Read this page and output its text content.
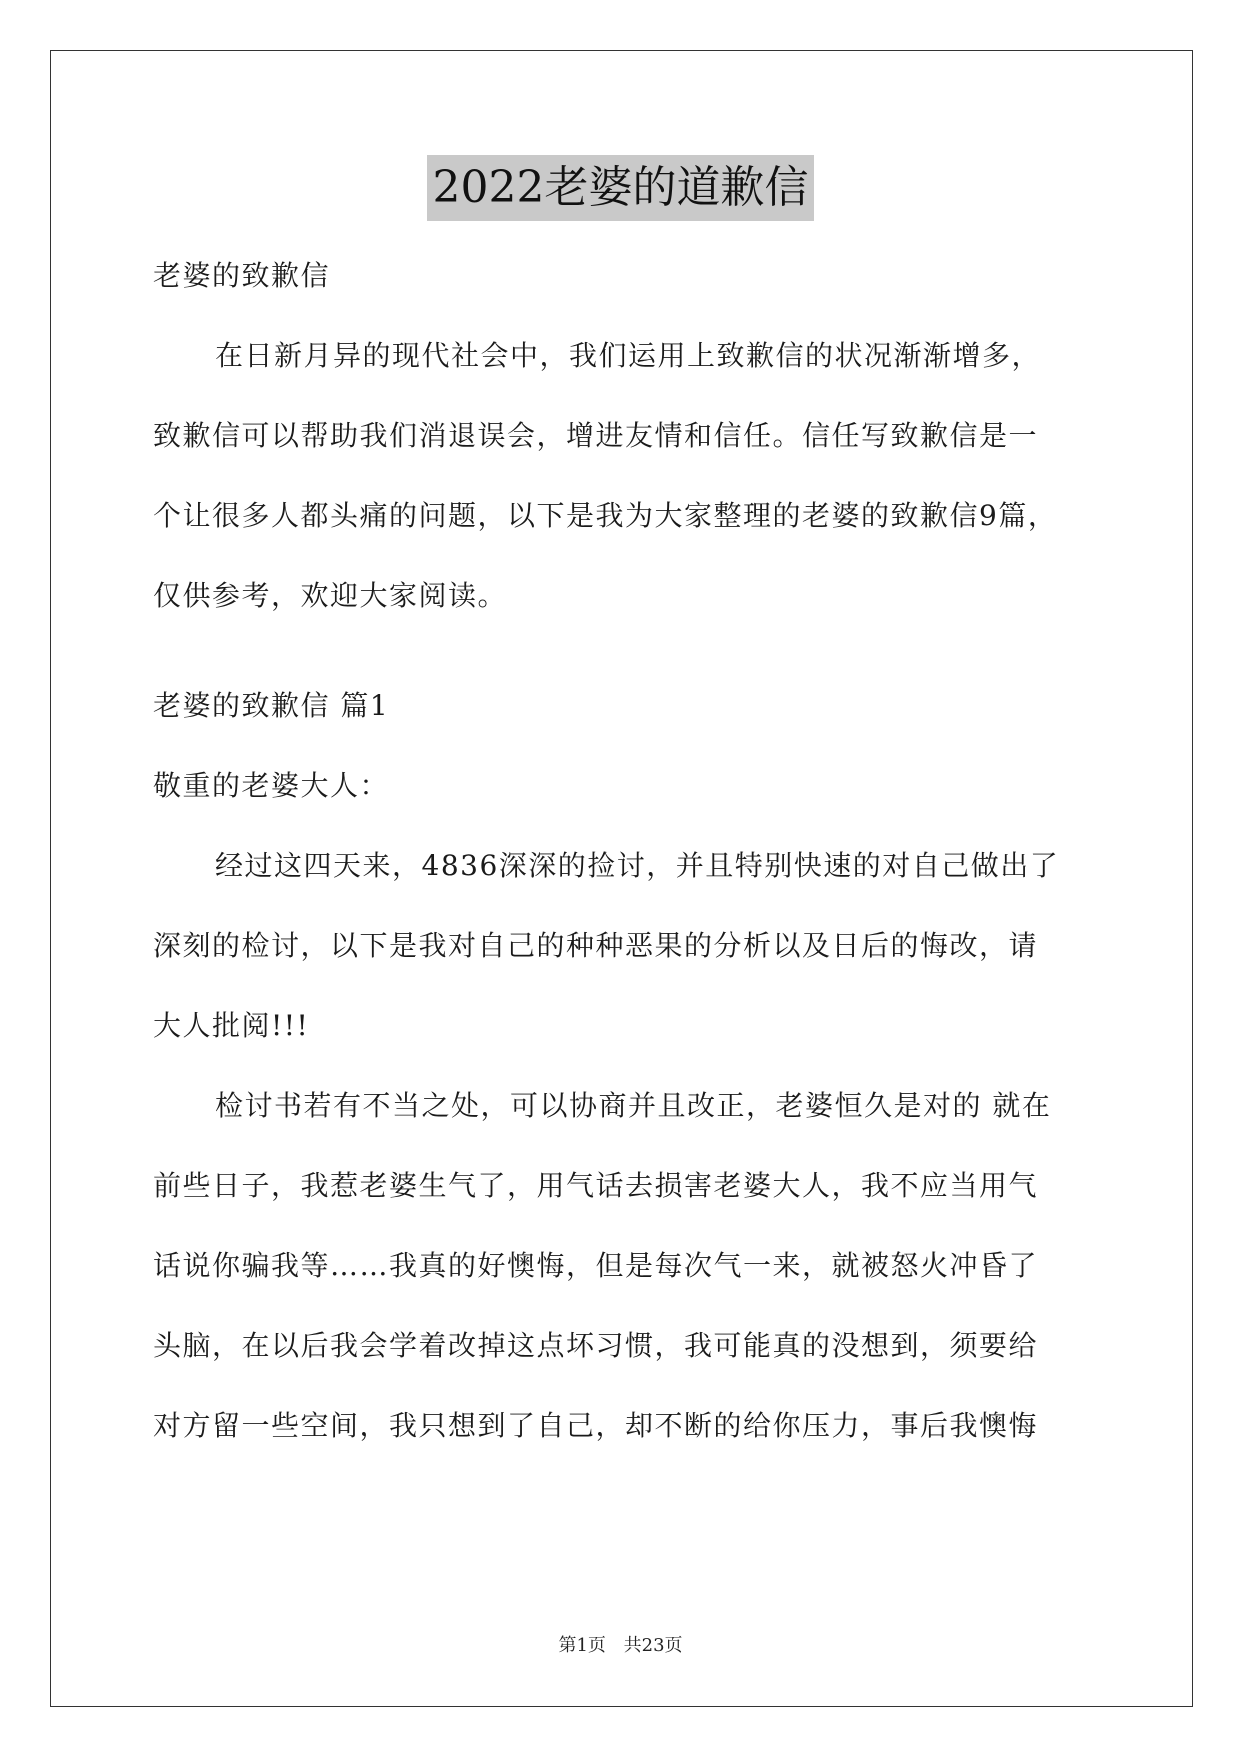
2022老婆的道歉信
老婆的致歉信
在日新月异的现代社会中，我们运用上致歉信的状况渐渐增多，
致歉信可以帮助我们消退误会，增进友情和信任。信任写致歉信是一
个让很多人都头痛的问题，以下是我为大家整理的老婆的致歉信9篇，
仅供参考，欢迎大家阅读。
老婆的致歉信 篇1
敬重的老婆大人：
经过这四天来，4836深深的捡讨，并且特别快速的对自己做出了
深刻的检讨，以下是我对自己的种种恶果的分析以及日后的悔改，请
大人批阅!!!
检讨书若有不当之处，可以协商并且改正，老婆恒久是对的 就在
前些日子，我惹老婆生气了，用气话去损害老婆大人，我不应当用气
话说你骗我等……我真的好懊悔，但是每次气一来，就被怒火冲昏了
头脑，在以后我会学着改掉这点坏习惯，我可能真的没想到，须要给
对方留一些空间，我只想到了自己，却不断的给你压力，事后我懊悔
第1页 共23页
